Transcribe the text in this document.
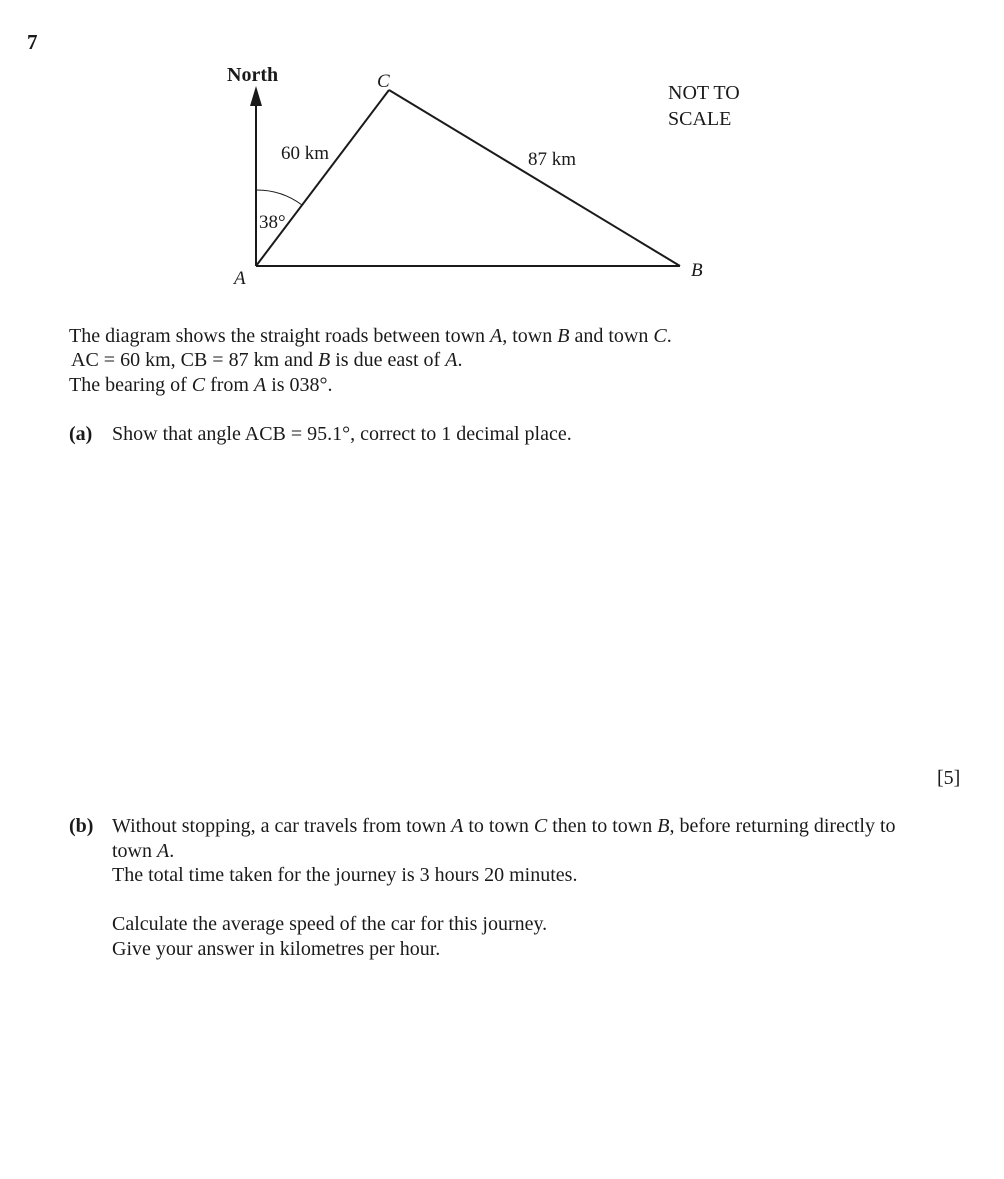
7
North
38°
60 km	87 km
A	B
C
NOT TO
SCALE
The diagram shows the straight roads between town A, town B and town C.
AC = 60 km, CB = 87 km and B is due east of A.
The bearing of C from A is 038°.
(a) Show that angle ACB = 95.1°, correct to 1 decimal place.
[5]
(b) Without stopping, a car travels from town A to town C then to town B, before returning directly to
town A.
The total time taken for the journey is 3 hours 20 minutes.
Calculate the average speed of the car for this journey.
Give your answer in kilometres per hour.
